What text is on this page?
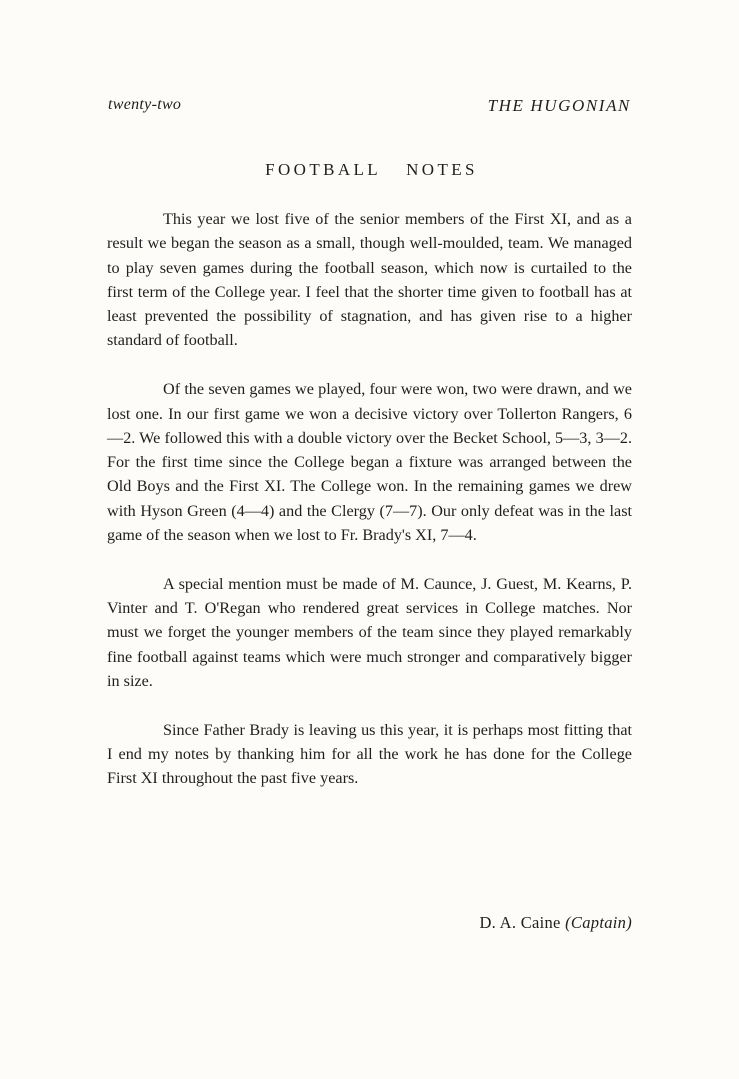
twenty-two	THE HUGONIAN
FOOTBALL NOTES

This year we lost five of the senior members of the First XI, and as a result we began the season as a small, though well-moulded, team. We managed to play seven games during the football season, which now is curtailed to the first term of the College year. I feel that the shorter time given to football has at least prevented the possibility of stagnation, and has given rise to a higher standard of football.

Of the seven games we played, four were won, two were drawn, and we lost one. In our first game we won a decisive victory over Tollerton Rangers, 6—2. We followed this with a double victory over the Becket School, 5—3, 3—2. For the first time since the College began a fixture was arranged between the Old Boys and the First XI. The College won. In the remaining games we drew with Hyson Green (4—4) and the Clergy (7—7). Our only defeat was in the last game of the season when we lost to Fr. Brady's XI, 7—4.

A special mention must be made of M. Caunce, J. Guest, M. Kearns, P. Vinter and T. O'Regan who rendered great services in College matches. Nor must we forget the younger members of the team since they played remarkably fine football against teams which were much stronger and comparatively bigger in size.

Since Father Brady is leaving us this year, it is perhaps most fitting that I end my notes by thanking him for all the work he has done for the College First XI throughout the past five years.

D. A. Caine (Captain)
